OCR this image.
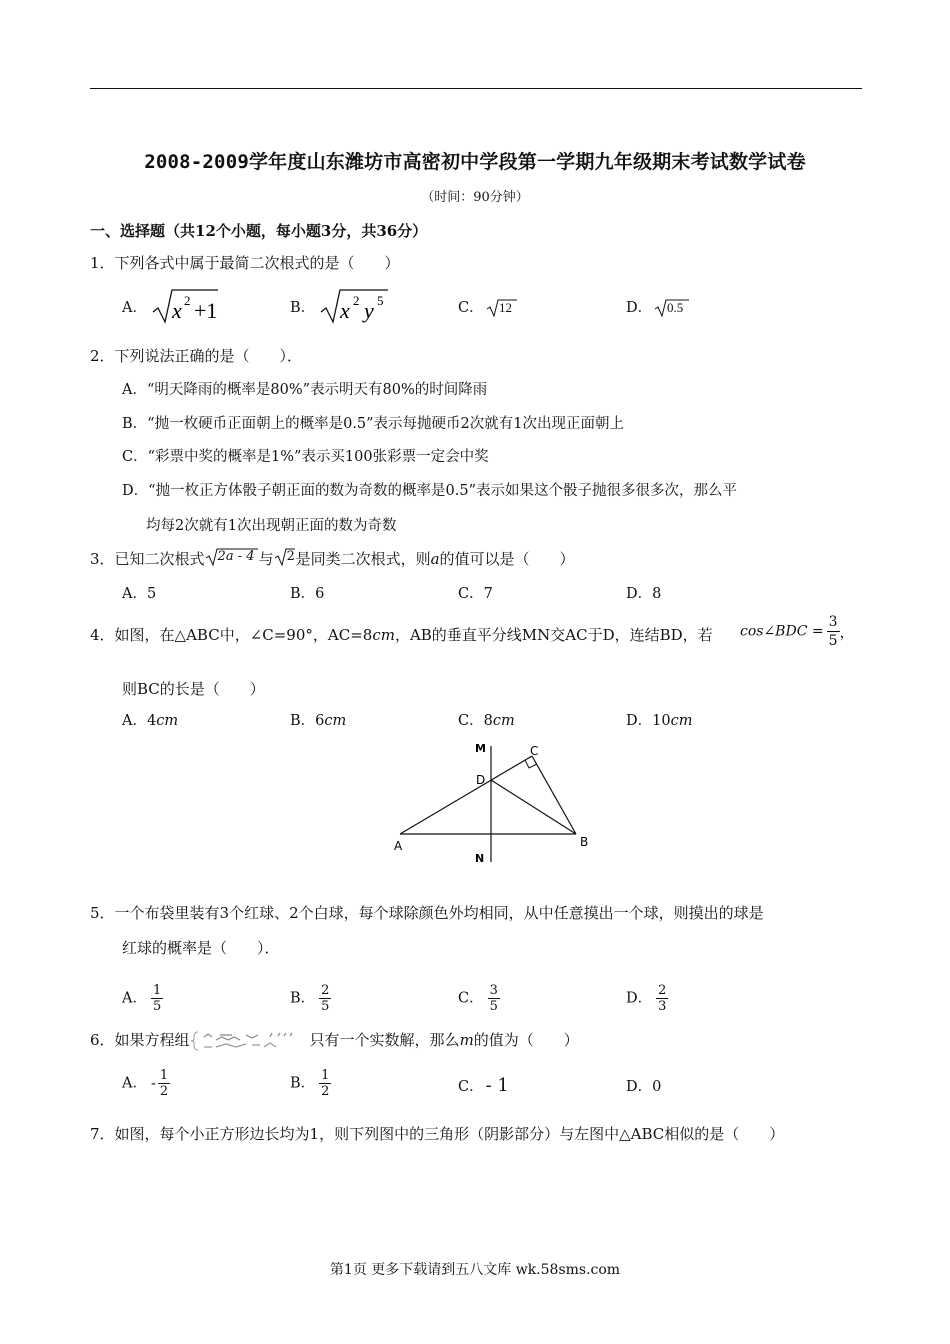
2008-2009学年度山东潍坊市高密初中学段第一学期九年级期末考试数学试卷
（时间：90分钟）
一、选择题（共12个小题，每小题3分，共36分）
1．下列各式中属于最简二次根式的是（　　）
A． x 2 +1	B． x 2 y 5	C． 12	D． 0.5
2．下列说法正确的是（　　）．
A．“明天降雨的概率是80%”表示明天有80%的时间降雨
B．“抛一枚硬币正面朝上的概率是0.5”表示每抛硬币2次就有1次出现正面朝上
C．“彩票中奖的概率是1%”表示买100张彩票一定会中奖
D．“抛一枚正方体骰子朝正面的数为奇数的概率是0.5”表示如果这个骰子抛很多很多次，那么平
均每2次就有1次出现朝正面的数为奇数
3．已知二次根式 2a - 4 与 2 是同类二次根式，则a的值可以是（　　）
A．5	B．6	C．7	D．8
4．如图，在△ABC中，∠C=90°，AC=8cm，AB的垂直平分线MN交AC于D，连结BD，若 cos∠BDC = $\frac{3}{5}$ ，
则BC的长是（　　）
A．4cm	B．6cm	C．8cm	D．10cm
M	C
D
A	B
N
5．一个布袋里装有3个红球、2个白球，每个球除颜色外均相同，从中任意摸出一个球，则摸出的球是
红球的概率是（　　）．
A． $\frac{1}{5}$	B． $\frac{2}{5}$	C． $\frac{3}{5}$	D． $\frac{2}{3}$
6．如果方程组	只有一个实数解，那么m的值为（　　）
A． - $\frac{1}{2}$	B． $\frac{1}{2}$	C． - 1	D．0
7．如图，每个小正方形边长均为1，则下列图中的三角形（阴影部分）与左图中△ABC相似的是（　　）
第1页 更多下载请到五八文库 wk.58sms.com
